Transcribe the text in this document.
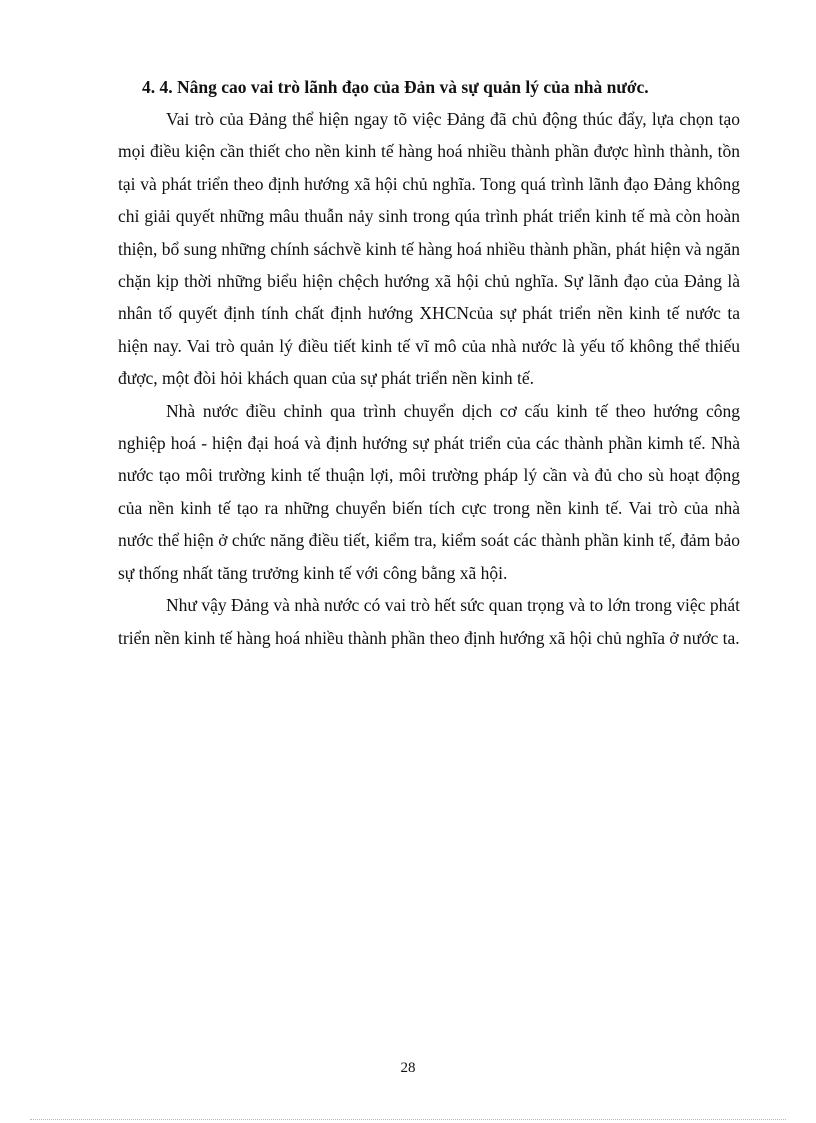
4. 4. Nâng cao vai trò lãnh đạo của Đản và sự quản lý của nhà nước.

Vai trò của Đảng thể hiện ngay tõ việc Đảng đã chủ động thúc đẩy, lựa chọn tạo mọi điều kiện cần thiết cho nền kinh tế hàng hoá nhiều thành phần được hình thành, tồn tại và phát triển theo định hướng xã hội chủ nghĩa. Tong quá trình lãnh đạo Đảng không chỉ giải quyết những mâu thuẫn nảy sinh trong qúa trình phát triển kinh tế mà còn hoàn thiện, bổ sung những chính sáchvề kinh tế hàng hoá nhiều thành phần, phát hiện và ngăn chặn kịp thời những biểu hiện chệch hướng xã hội chủ nghĩa. Sự lãnh đạo của Đảng là nhân tố quyết định tính chất định hướng XHCNcủa sự phát triển nền kinh tế nước ta hiện nay. Vai trò quản lý điều tiết kinh tế vĩ mô của nhà nước là yếu tố không thể thiếu được, một đòi hỏi khách quan của sự phát triển nền kinh tế.

Nhà nước điều chỉnh qua trình chuyển dịch cơ cấu kinh tế theo hướng công nghiệp hoá - hiện đại hoá và định hướng sự phát triển của các thành phần kimh tế. Nhà nước tạo môi trường kinh tế thuận lợi, môi trường pháp lý cần và đủ cho sù hoạt động của nền kinh tế tạo ra những chuyển biến tích cực trong nền kinh tế. Vai trò của nhà nước thể hiện ở chức năng điều tiết, kiểm tra, kiểm soát các thành phần kinh tế, đảm bảo sự thống nhất tăng trưởng kinh tế với công bằng xã hội.

Như vậy Đảng và nhà nước có vai trò hết sức quan trọng và to lớn trong việc phát triển nền kinh tế hàng hoá nhiều thành phần theo định hướng xã hội chủ nghĩa ở nước ta.

28
